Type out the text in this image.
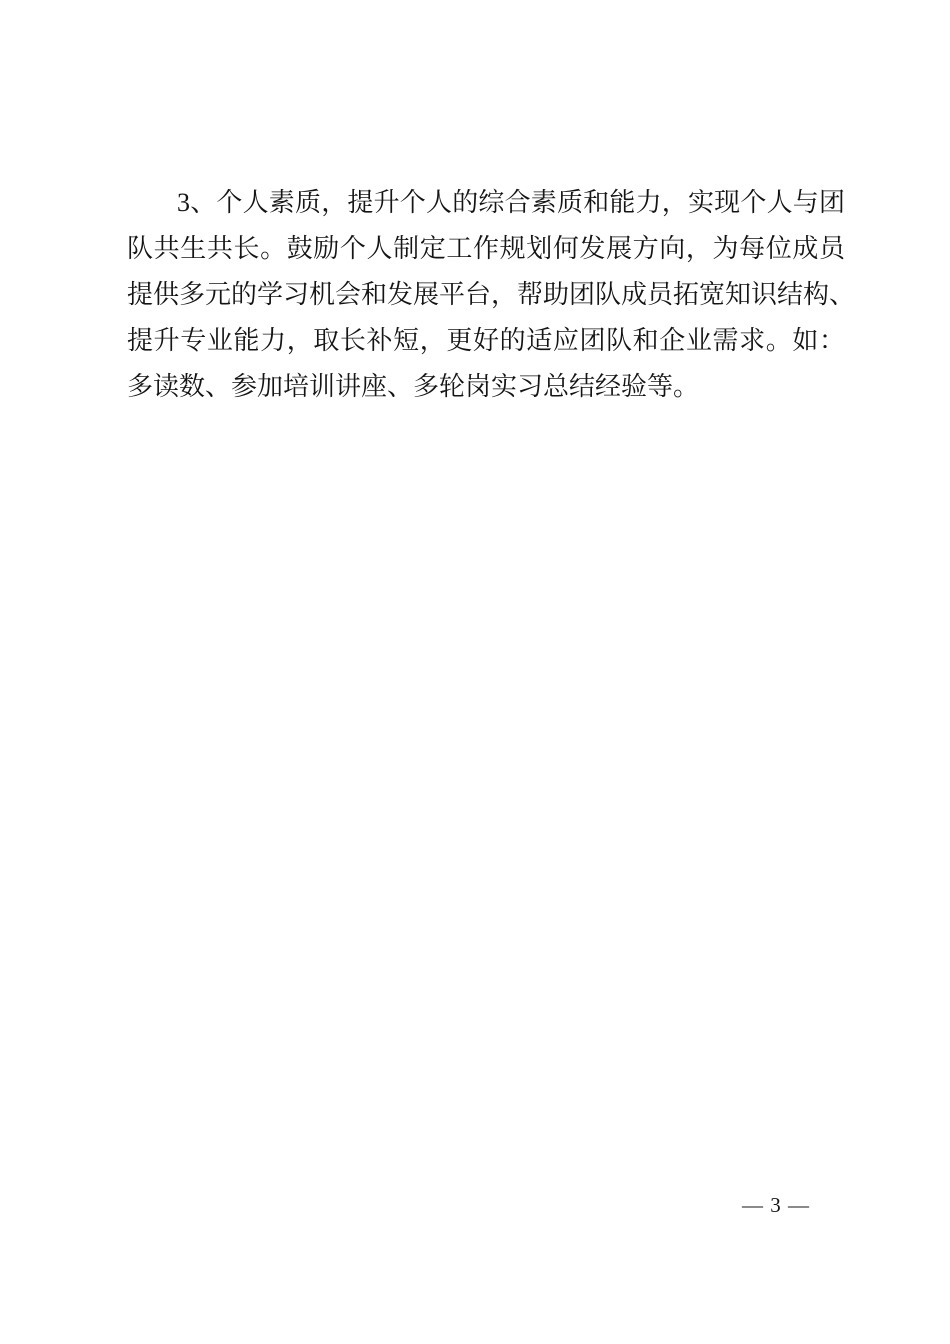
3、个人素质，提升个人的综合素质和能力，实现个人与团
队共生共长。鼓励个人制定工作规划何发展方向，为每位成员
提供多元的学习机会和发展平台，帮助团队成员拓宽知识结构、
提升专业能力，取长补短，更好的适应团队和企业需求。如：
多读数、参加培训讲座、多轮岗实习总结经验等。
— 3 —
